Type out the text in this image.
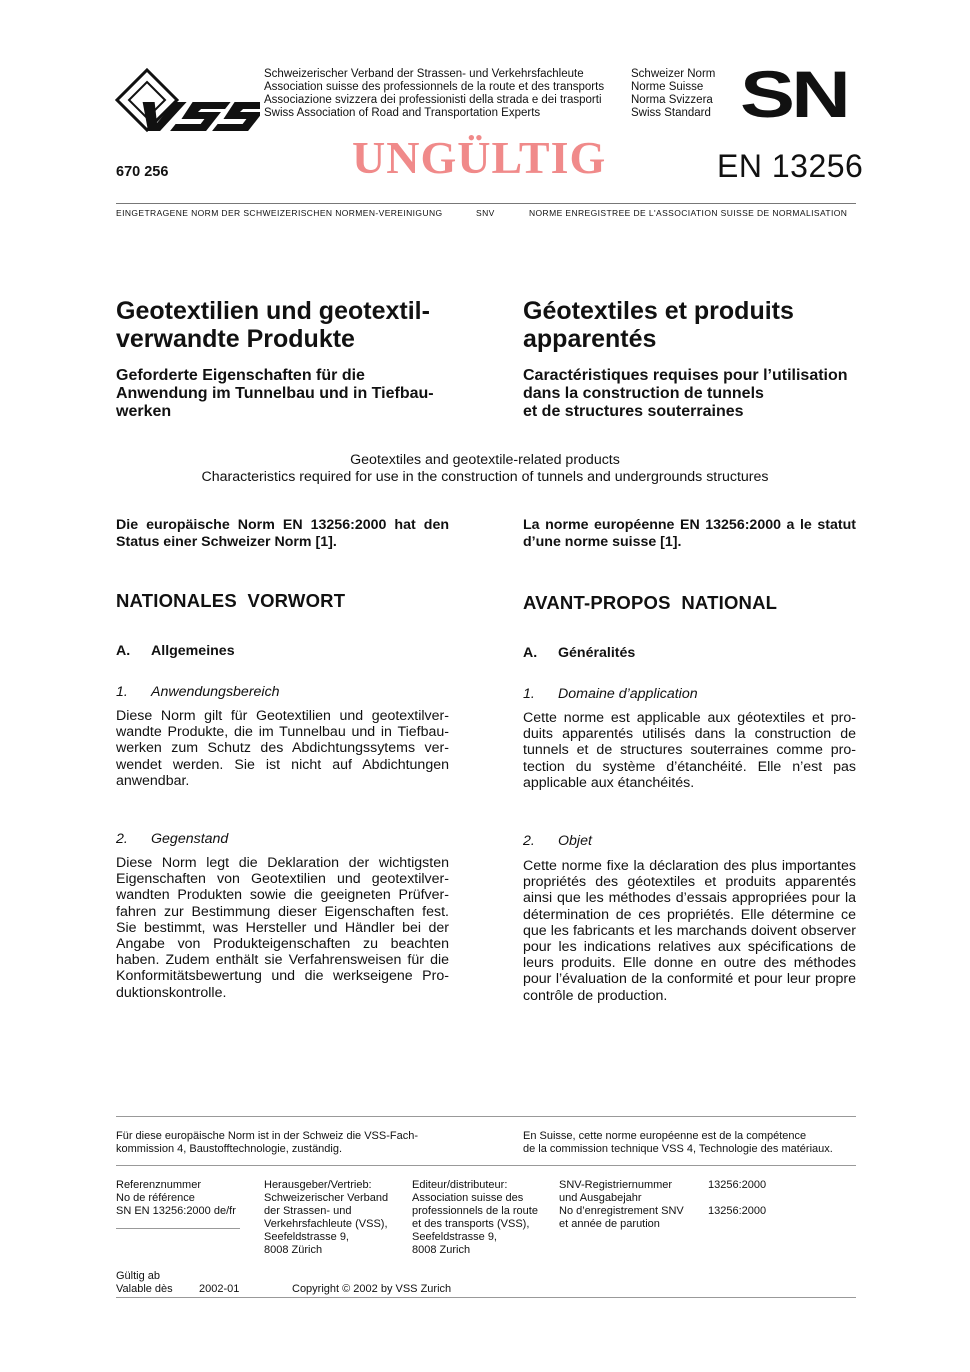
Schweizerischer Verband der Strassen- und Verkehrsfachleute
Association suisse des professionnels de la route et des transports
Associazione svizzera dei professionisti della strada e dei trasporti
Swiss Association of Road and Transportation Experts
Schweizer Norm
Norme Suisse
Norma Svizzera
Swiss Standard SN
670 256	UNGÜLTIG	EN 13256
EINGETRAGENE NORM DER SCHWEIZERISCHEN NORMEN-VEREINIGUNG	SNV	NORME ENREGISTREE DE L'ASSOCIATION SUISSE DE NORMALISATION
Geotextilien und geotextil-
verwandte Produkte
Geforderte Eigenschaften für die
Anwendung im Tunnelbau und in Tiefbau-
werken
Géotextiles et produits
apparentés
Caractéristiques requises pour l’utilisation
dans la construction de tunnels
et de structures souterraines
Geotextiles and geotextile-related products
Characteristics required for use in the construction of tunnels and undergrounds structures
Die europäische Norm EN 13256:2000 hat den Status einer Schweizer Norm [1].
La norme européenne EN 13256:2000 a le statut d’une norme suisse [1].
NATIONALES  VORWORT
A. Allgemeines
1. Anwendungsbereich
Diese Norm gilt für Geotextilien und geotextilverwandte Produkte, die im Tunnelbau und in Tiefbauwerken zum Schutz des Abdichtungssytems verwendet werden. Sie ist nicht auf Abdichtungen anwendbar.
2. Gegenstand
Diese Norm legt die Deklaration der wichtigsten Eigenschaften von Geotextilien und geotextilverwandten Produkten sowie die geeigneten Prüfverfahren zur Bestimmung dieser Eigenschaften fest. Sie bestimmt, was Hersteller und Händler bei der Angabe von Produkteigenschaften zu beachten haben. Zudem enthält sie Verfahrensweisen für die Konformitätsbewertung und die werkseigene Produktionskontrolle.
AVANT-PROPOS  NATIONAL
A. Généralités
1. Domaine d’application
Cette norme est applicable aux géotextiles et produits apparentés utilisés dans la construction de tunnels et de structures souterraines comme protection du système d’étanchéité. Elle n’est pas applicable aux étanchéités.
2. Objet
Cette norme fixe la déclaration des plus importantes propriétés des géotextiles et produits apparentés ainsi que les méthodes d’essais appropriées pour la détermination de ces propriétés. Elle détermine ce que les fabricants et les marchands doivent observer pour les indications relatives aux spécifications de leurs produits. Elle donne en outre des méthodes pour l’évaluation de la conformité et pour leur propre contrôle de production.
Für diese europäische Norm ist in der Schweiz die VSS-Fach-
kommission 4, Baustofftechnologie, zuständig.
En Suisse, cette norme européenne est de la compétence
de la commission technique VSS 4, Technologie des matériaux.
Referenznummer
No de référence
SN EN 13256:2000 de/fr
Herausgeber/Vertrieb:
Schweizerischer Verband
der Strassen- und
Verkehrsfachleute (VSS),
Seefeldstrasse 9,
8008 Zürich
Editeur/distributeur:
Association suisse des
professionnels de la route
et des transports (VSS),
Seefeldstrasse 9,
8008 Zurich
SNV-Registriernummer
und Ausgabejahr
No d’enregistrement SNV
et année de parution
13256:2000
13256:2000
Gültig ab
Valable dès 2002-01	Copyright © 2002 by VSS Zurich
